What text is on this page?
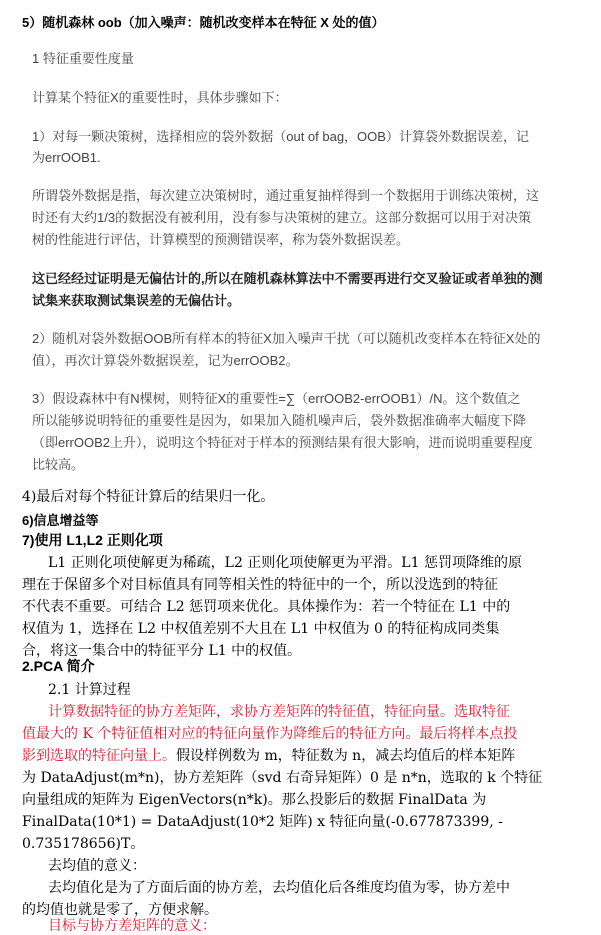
5）随机森林 oob（加入噪声：随机改变样本在特征 X 处的值）
1 特征重要性度量
计算某个特征X的重要性时，具体步骤如下：
1）对每一颗决策树，选择相应的袋外数据（out of bag，OOB）计算袋外数据误差，记
为errOOB1.
所谓袋外数据是指，每次建立决策树时，通过重复抽样得到一个数据用于训练决策树，这
时还有大约1/3的数据没有被利用，没有参与决策树的建立。这部分数据可以用于对决策
树的性能进行评估，计算模型的预测错误率，称为袋外数据误差。
这已经经过证明是无偏估计的,所以在随机森林算法中不需要再进行交叉验证或者单独的测
试集来获取测试集误差的无偏估计。
2）随机对袋外数据OOB所有样本的特征X加入噪声干扰（可以随机改变样本在特征X处的
值），再次计算袋外数据误差，记为errOOB2。
3）假设森林中有N棵树，则特征X的重要性=∑（errOOB2-errOOB1）/N。这个数值之
所以能够说明特征的重要性是因为，如果加入随机噪声后，袋外数据准确率大幅度下降
（即errOOB2上升），说明这个特征对于样本的预测结果有很大影响，进而说明重要程度
比较高。
4)最后对每个特征计算后的结果归一化。
6)信息增益等
7)使用 L1,L2 正则化项
L1 正则化项使解更为稀疏，L2 正则化项使解更为平滑。L1 惩罚项降维的原
理在于保留多个对目标值具有同等相关性的特征中的一个，所以没选到的特征
不代表不重要。可结合 L2 惩罚项来优化。具体操作为：若一个特征在 L1 中的
权值为 1，选择在 L2 中权值差别不大且在 L1 中权值为 0 的特征构成同类集
合，将这一集合中的特征平分 L1 中的权值。
2.PCA 简介
2.1 计算过程
计算数据特征的协方差矩阵，求协方差矩阵的特征值，特征向量。选取特征
值最大的 K 个特征值相对应的特征向量作为降维后的特征方向。最后将样本点投
影到选取的特征向量上。假设样例数为 m，特征数为 n，减去均值后的样本矩阵
为 DataAdjust(m*n)，协方差矩阵（svd 右奇异矩阵）0 是 n*n，选取的 k 个特征
向量组成的矩阵为 EigenVectors(n*k)。那么投影后的数据 FinalData 为
FinalData(10*1) = DataAdjust(10*2 矩阵) x 特征向量(-0.677873399, -
0.735178656)T。
去均值的意义：
去均值化是为了方面后面的协方差，去均值化后各维度均值为零，协方差中
的均值也就是零了，方便求解。
目标与协方差矩阵的意义：
